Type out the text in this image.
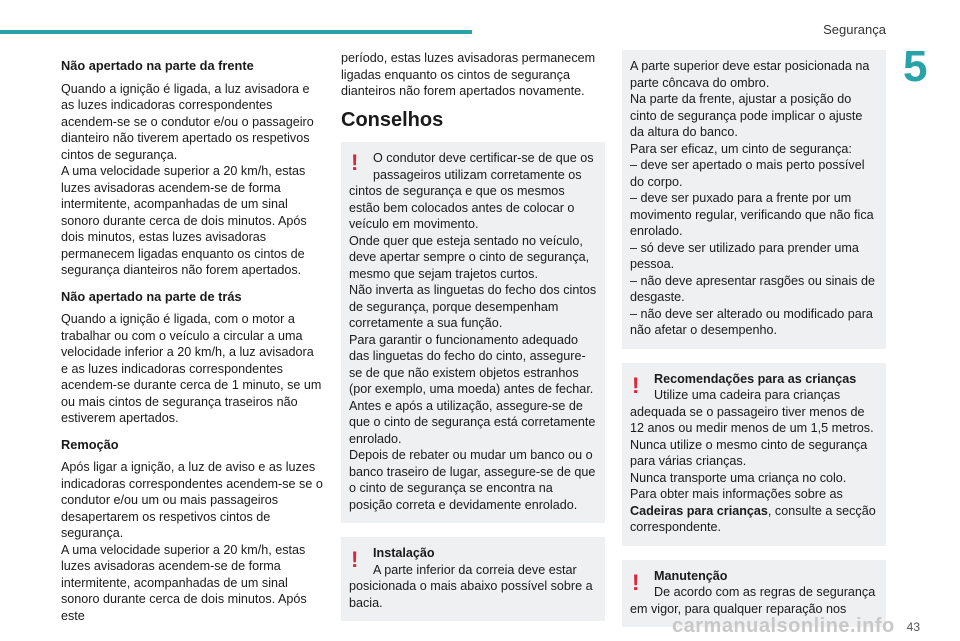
Segurança
5
Não apertado na parte da frente
Quando a ignição é ligada, a luz avisadora e as luzes indicadoras correspondentes acendem-se se o condutor e/ou o passageiro dianteiro não tiverem apertado os respetivos cintos de segurança.
A uma velocidade superior a 20 km/h, estas luzes avisadoras acendem-se de forma intermitente, acompanhadas de um sinal sonoro durante cerca de dois minutos. Após dois minutos, estas luzes avisadoras permanecem ligadas enquanto os cintos de segurança dianteiros não forem apertados.
Não apertado na parte de trás
Quando a ignição é ligada, com o motor a trabalhar ou com o veículo a circular a uma velocidade inferior a 20 km/h, a luz avisadora e as luzes indicadoras correspondentes acendem-se durante cerca de 1 minuto, se um ou mais cintos de segurança traseiros não estiverem apertados.
Remoção
Após ligar a ignição, a luz de aviso e as luzes indicadoras correspondentes acendem-se se o condutor e/ou um ou mais passageiros desapertarem os respetivos cintos de segurança.
A uma velocidade superior a 20 km/h, estas luzes avisadoras acendem-se de forma intermitente, acompanhadas de um sinal sonoro durante cerca de dois minutos. Após este
período, estas luzes avisadoras permanecem ligadas enquanto os cintos de segurança dianteiros não forem apertados novamente.
Conselhos
!	O condutor deve certificar-se de que os passageiros utilizam corretamente os
cintos de segurança e que os mesmos estão bem colocados antes de colocar o veículo em movimento.
Onde quer que esteja sentado no veículo, deve apertar sempre o cinto de segurança, mesmo que sejam trajetos curtos.
Não inverta as linguetas do fecho dos cintos de segurança, porque desempenham corretamente a sua função.
Para garantir o funcionamento adequado das linguetas do fecho do cinto, assegure-se de que não existem objetos estranhos (por exemplo, uma moeda) antes de fechar.
Antes e após a utilização, assegure-se de que o cinto de segurança está corretamente enrolado.
Depois de rebater ou mudar um banco ou o banco traseiro de lugar, assegure-se de que o cinto de segurança se encontra na posição correta e devidamente enrolado.
!	Instalação
A parte inferior da correia deve estar
posicionada o mais abaixo possível sobre a bacia.
A parte superior deve estar posicionada na parte côncava do ombro.
Na parte da frente, ajustar a posição do cinto de segurança pode implicar o ajuste da altura do banco.
Para ser eficaz, um cinto de segurança:
– deve ser apertado o mais perto possível do corpo.
– deve ser puxado para a frente por um movimento regular, verificando que não fica enrolado.
– só deve ser utilizado para prender uma pessoa.
– não deve apresentar rasgões ou sinais de desgaste.
– não deve ser alterado ou modificado para não afetar o desempenho.
!	Recomendações para as crianças
Utilize uma cadeira para crianças
adequada se o passageiro tiver menos de 12 anos ou medir menos de um 1,5 metros.
Nunca utilize o mesmo cinto de segurança para várias crianças.
Nunca transporte uma criança no colo.
Para obter mais informações sobre as Cadeiras para crianças, consulte a secção correspondente.
!	Manutenção
De acordo com as regras de segurança
em vigor, para qualquer reparação nos
carmanualsonline.info 43
